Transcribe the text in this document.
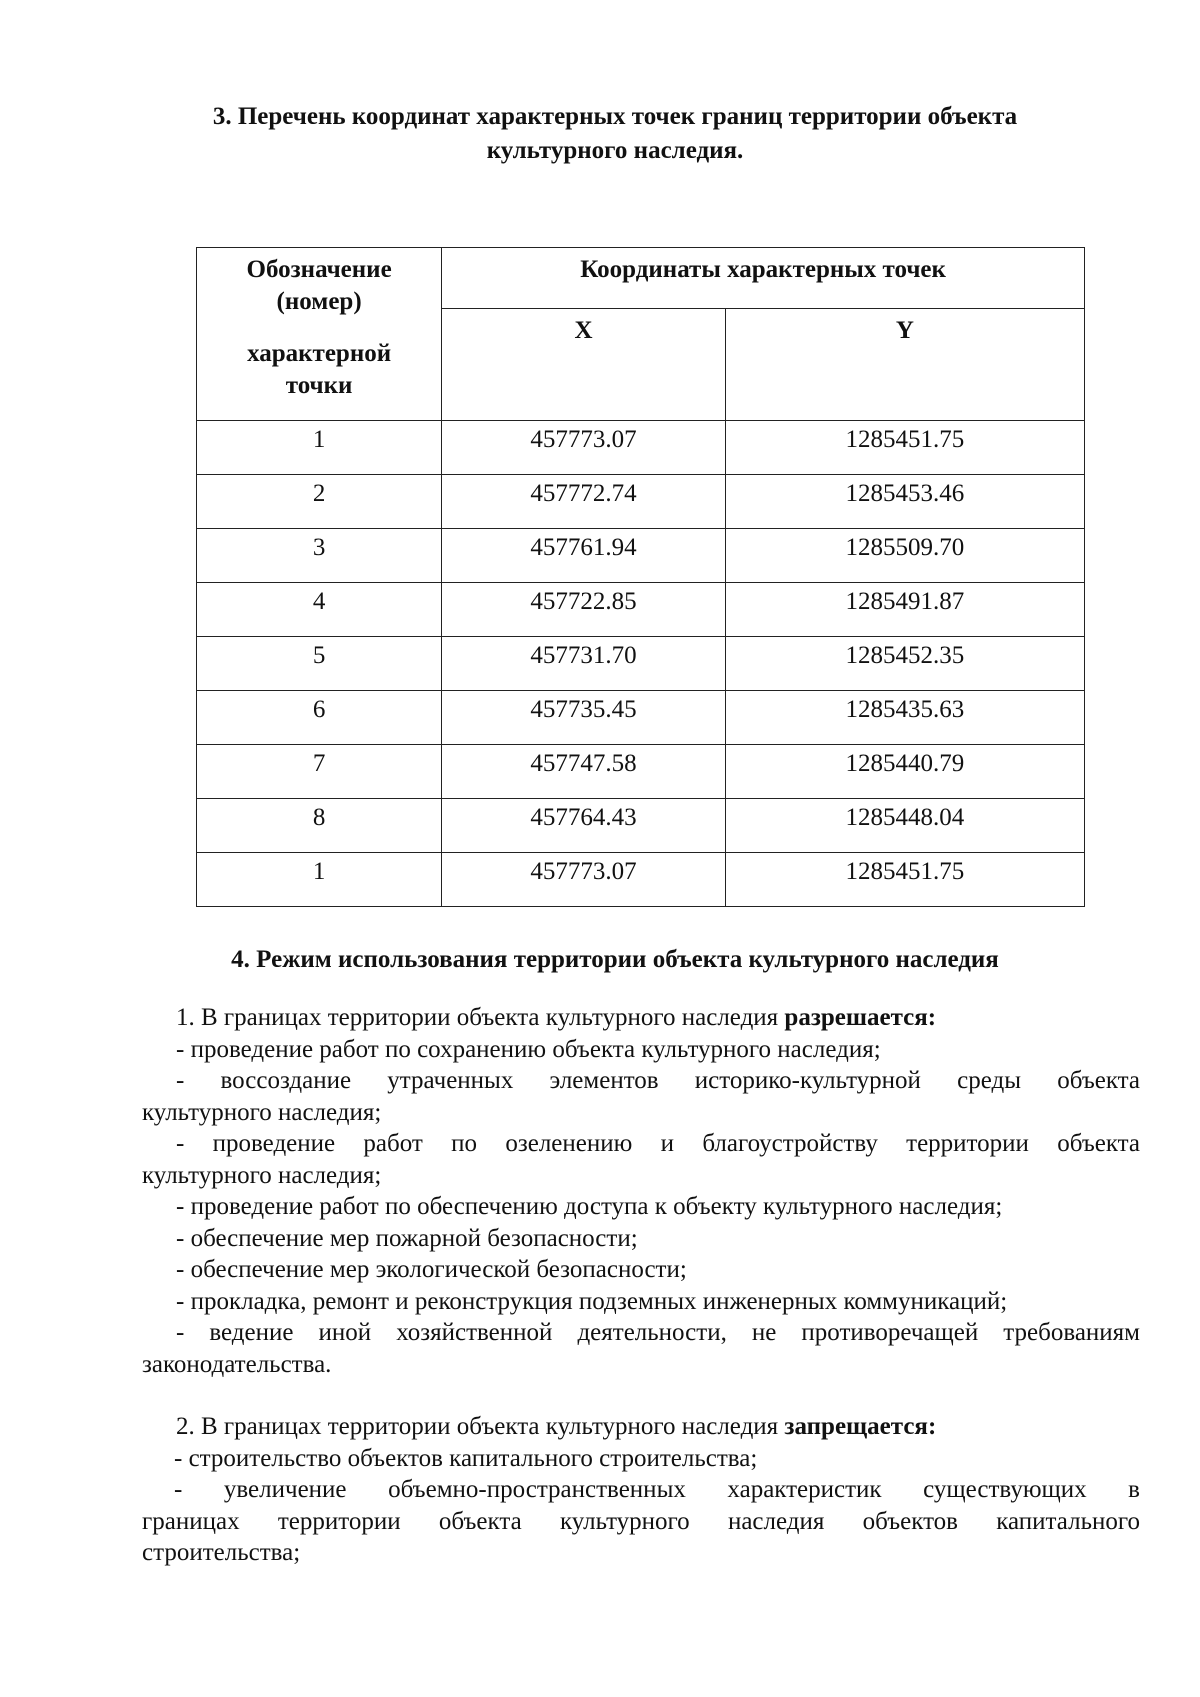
3. Перечень координат характерных точек границ территории объекта
культурного наследия.
Обозначение
(номер)
характерной
точки	Координаты характерных точек	
	X	Y
1	457773.07	1285451.75
2	457772.74	1285453.46
3	457761.94	1285509.70
4	457722.85	1285491.87
5	457731.70	1285452.35
6	457735.45	1285435.63
7	457747.58	1285440.79
8	457764.43	1285448.04
1	457773.07	1285451.75
4. Режим использования территории объекта культурного наследия

1. В границах территории объекта культурного наследия разрешается:

- проведение работ по сохранению объекта культурного наследия;

- воссоздание утраченных элементов историко-культурной среды объекта

культурного наследия;

- проведение работ по озеленению и благоустройству территории объекта

культурного наследия;

- проведение работ по обеспечению доступа к объекту культурного наследия;

- обеспечение мер пожарной безопасности;

- обеспечение мер экологической безопасности;

- прокладка, ремонт и реконструкция подземных инженерных коммуникаций;

- ведение иной хозяйственной деятельности, не противоречащей требованиям

законодательства.

2. В границах территории объекта культурного наследия запрещается:

- строительство объектов капитального строительства;

- увеличение объемно-пространственных характеристик существующих в

границах территории объекта культурного наследия объектов капитального

строительства;
